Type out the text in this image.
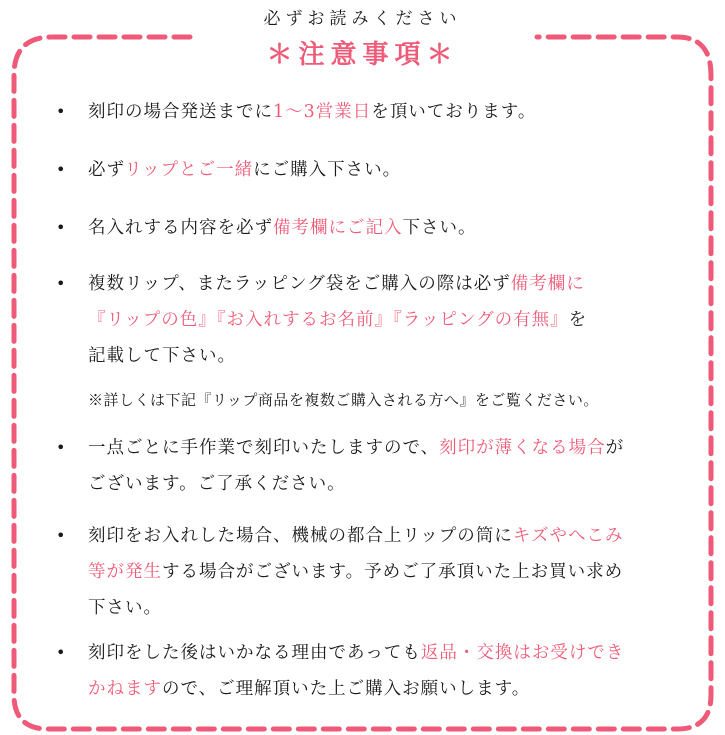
必ずお読みください
＊注意事項＊
• 刻印の場合発送までに1～3営業日を頂いております。
• 必ずリップとご一緒にご購入下さい。
• 名入れする内容を必ず備考欄にご記入下さい。
• 複数リップ、またラッピング袋をご購入の際は必ず備考欄に
『リップの色』『お入れするお名前』『ラッピングの有無』を
記載して下さい。
※詳しくは下記『リップ商品を複数ご購入される方へ』をご覧ください。
• 一点ごとに手作業で刻印いたしますので、刻印が薄くなる場合が
ございます。ご了承ください。
• 刻印をお入れした場合、機械の都合上リップの筒にキズやへこみ
等が発生する場合がございます。予めご了承頂いた上お買い求め
下さい。
• 刻印をした後はいかなる理由であっても返品・交換はお受けでき
かねますので、ご理解頂いた上ご購入お願いします。
